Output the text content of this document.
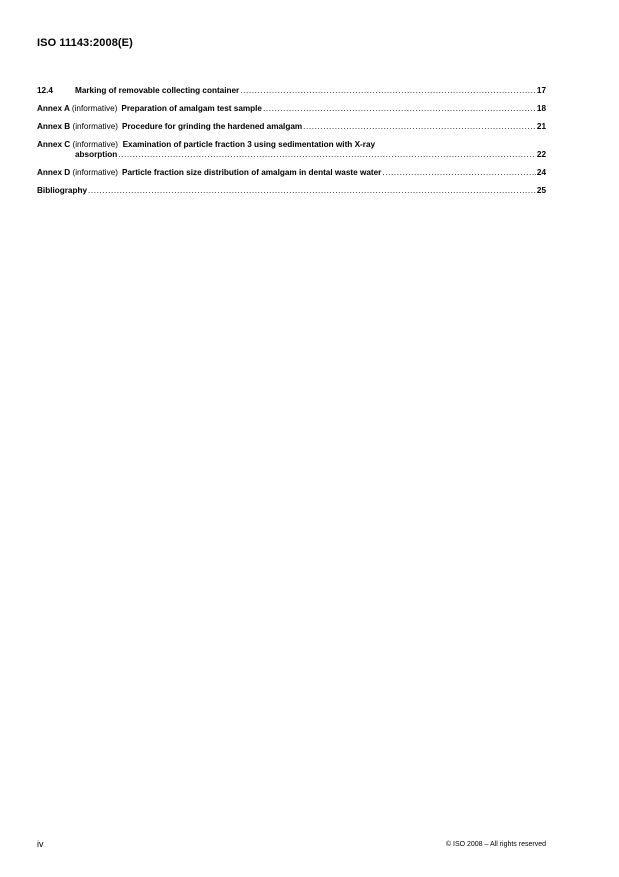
ISO 11143:2008(E)
12.4	Marking of removable collecting container .....	17
Annex A (informative) Preparation of amalgam test sample .....	18
Annex B (informative) Procedure for grinding the hardened amalgam .....	21
Annex C (informative) Examination of particle fraction 3 using sedimentation with X-ray
absorption .....	22
Annex D (informative) Particle fraction size distribution of amalgam in dental waste water .....	24
Bibliography .....	25
iv	© ISO 2008 – All rights reserved
